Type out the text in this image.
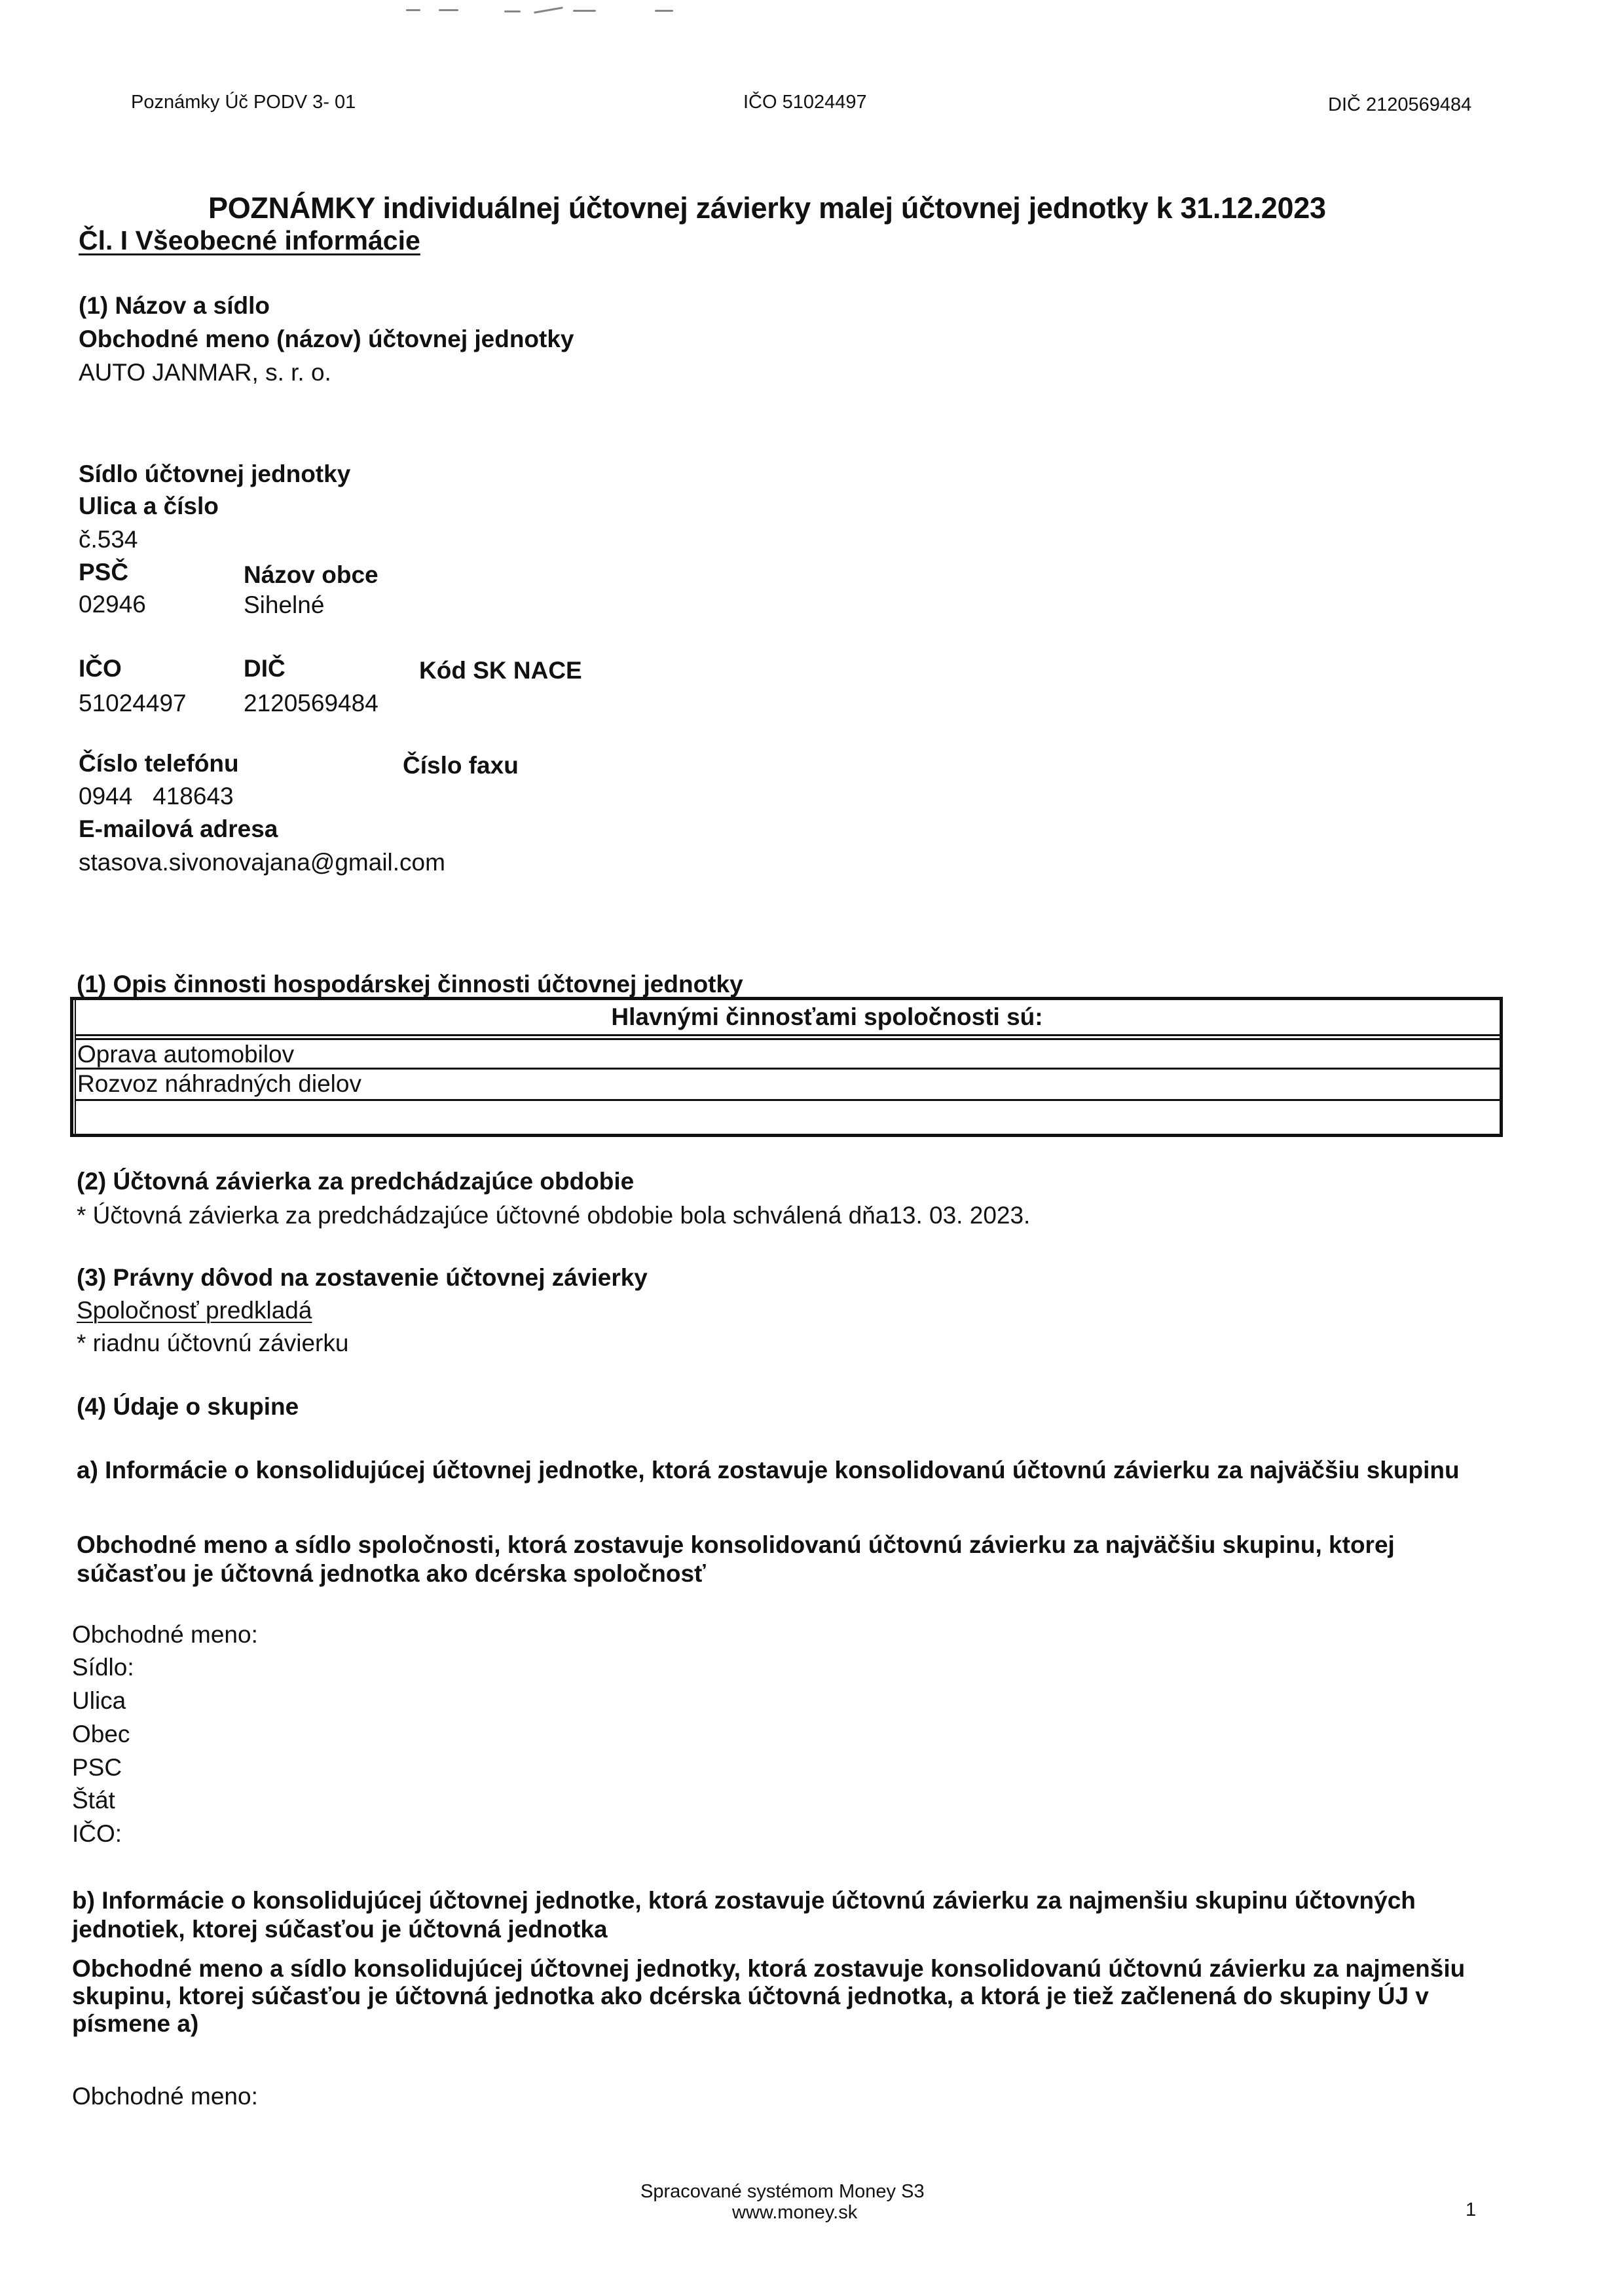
Poznámky Úč PODV 3- 01	IČO 51024497	DIČ 2120569484
POZNÁMKY individuálnej účtovnej závierky malej účtovnej jednotky k 31.12.2023
Čl. I Všeobecné informácie
(1) Názov a sídlo
Obchodné meno (názov) účtovnej jednotky
AUTO JANMAR, s. r. o.
Sídlo účtovnej jednotky
Ulica a číslo
č.534
PSČ	Názov obce
02946	Sihelné
IČO	DIČ	Kód SK NACE
51024497 2120569484
Číslo telefónu	Číslo faxu
0944   418643
E-mailová adresa
stasova.sivonovajana@gmail.com
(1) Opis činnosti hospodárskej činnosti účtovnej jednotky
Hlavnými činnosťami spoločnosti sú:
Oprava automobilov
Rozvoz náhradných dielov
(2) Účtovná závierka za predchádzajúce obdobie
* Účtovná závierka za predchádzajúce účtovné obdobie bola schválená dňa13. 03. 2023.
(3) Právny dôvod na zostavenie účtovnej závierky
Spoločnosť predkladá
* riadnu účtovnú závierku
(4) Údaje o skupine
a) Informácie o konsolidujúcej účtovnej jednotke, ktorá zostavuje konsolidovanú účtovnú závierku za najväčšiu skupinu
Obchodné meno a sídlo spoločnosti, ktorá zostavuje konsolidovanú účtovnú závierku za najväčšiu skupinu, ktorej súčasťou je účtovná jednotka ako dcérska spoločnosť
Obchodné meno:
Sídlo:
Ulica
Obec
PSC
Štát
IČO:
b) Informácie o konsolidujúcej účtovnej jednotke, ktorá zostavuje účtovnú závierku za najmenšiu skupinu účtovných jednotiek, ktorej súčasťou je účtovná jednotka
Obchodné meno a sídlo konsolidujúcej účtovnej jednotky, ktorá zostavuje konsolidovanú účtovnú závierku za najmenšiu skupinu, ktorej súčasťou je účtovná jednotka ako dcérska účtovná jednotka, a ktorá je tiež začlenená do skupiny ÚJ v písmene a)
Obchodné meno:
Spracované systémom Money S3
www.money.sk	1
